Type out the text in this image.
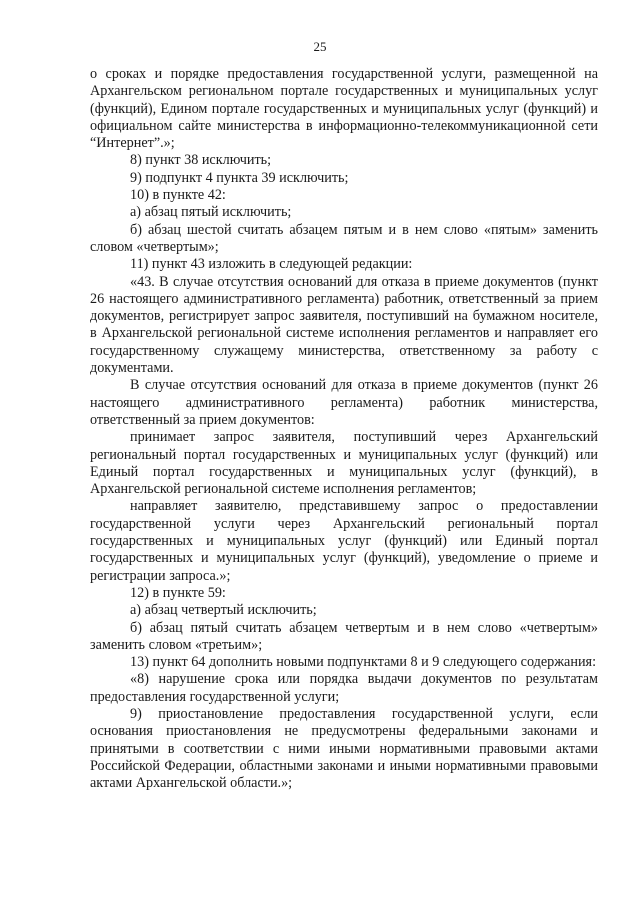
25

о сроках и порядке предоставления государственной услуги, размещенной на Архангельском региональном портале государственных и муниципальных услуг (функций), Едином портале государственных и муниципальных услуг (функций) и официальном сайте министерства в информационно-телекоммуникационной сети “Интернет”.»;

8) пункт 38 исключить;

9) подпункт 4 пункта 39 исключить;

10) в пункте 42:

а) абзац пятый исключить;

б) абзац шестой считать абзацем пятым и в нем слово «пятым» заменить словом «четвертым»;

11) пункт 43 изложить в следующей редакции:

«43. В случае отсутствия оснований для отказа в приеме документов (пункт 26 настоящего административного регламента) работник, ответственный за прием документов, регистрирует запрос заявителя, поступивший на бумажном носителе, в Архангельской региональной системе исполнения регламентов и направляет его государственному служащему министерства, ответственному за работу с документами.

В случае отсутствия оснований для отказа в приеме документов (пункт 26 настоящего административного регламента) работник министерства, ответственный за прием документов:

принимает запрос заявителя, поступивший через Архангельский региональный портал государственных и муниципальных услуг (функций) или Единый портал государственных и муниципальных услуг (функций), в Архангельской региональной системе исполнения регламентов;

направляет заявителю, представившему запрос о предоставлении государственной услуги через Архангельский региональный портал государственных и муниципальных услуг (функций) или Единый портал государственных и муниципальных услуг (функций), уведомление о приеме и регистрации запроса.»;

12) в пункте 59:

а) абзац четвертый исключить;

б) абзац пятый считать абзацем четвертым и в нем слово «четвертым» заменить словом «третьим»;

13) пункт 64 дополнить новыми подпунктами 8 и 9 следующего содержания:

«8) нарушение срока или порядка выдачи документов по результатам предоставления государственной услуги;

9) приостановление предоставления государственной услуги, если основания приостановления не предусмотрены федеральными законами и принятыми в соответствии с ними иными нормативными правовыми актами Российской Федерации, областными законами и иными нормативными правовыми актами Архангельской области.»;
